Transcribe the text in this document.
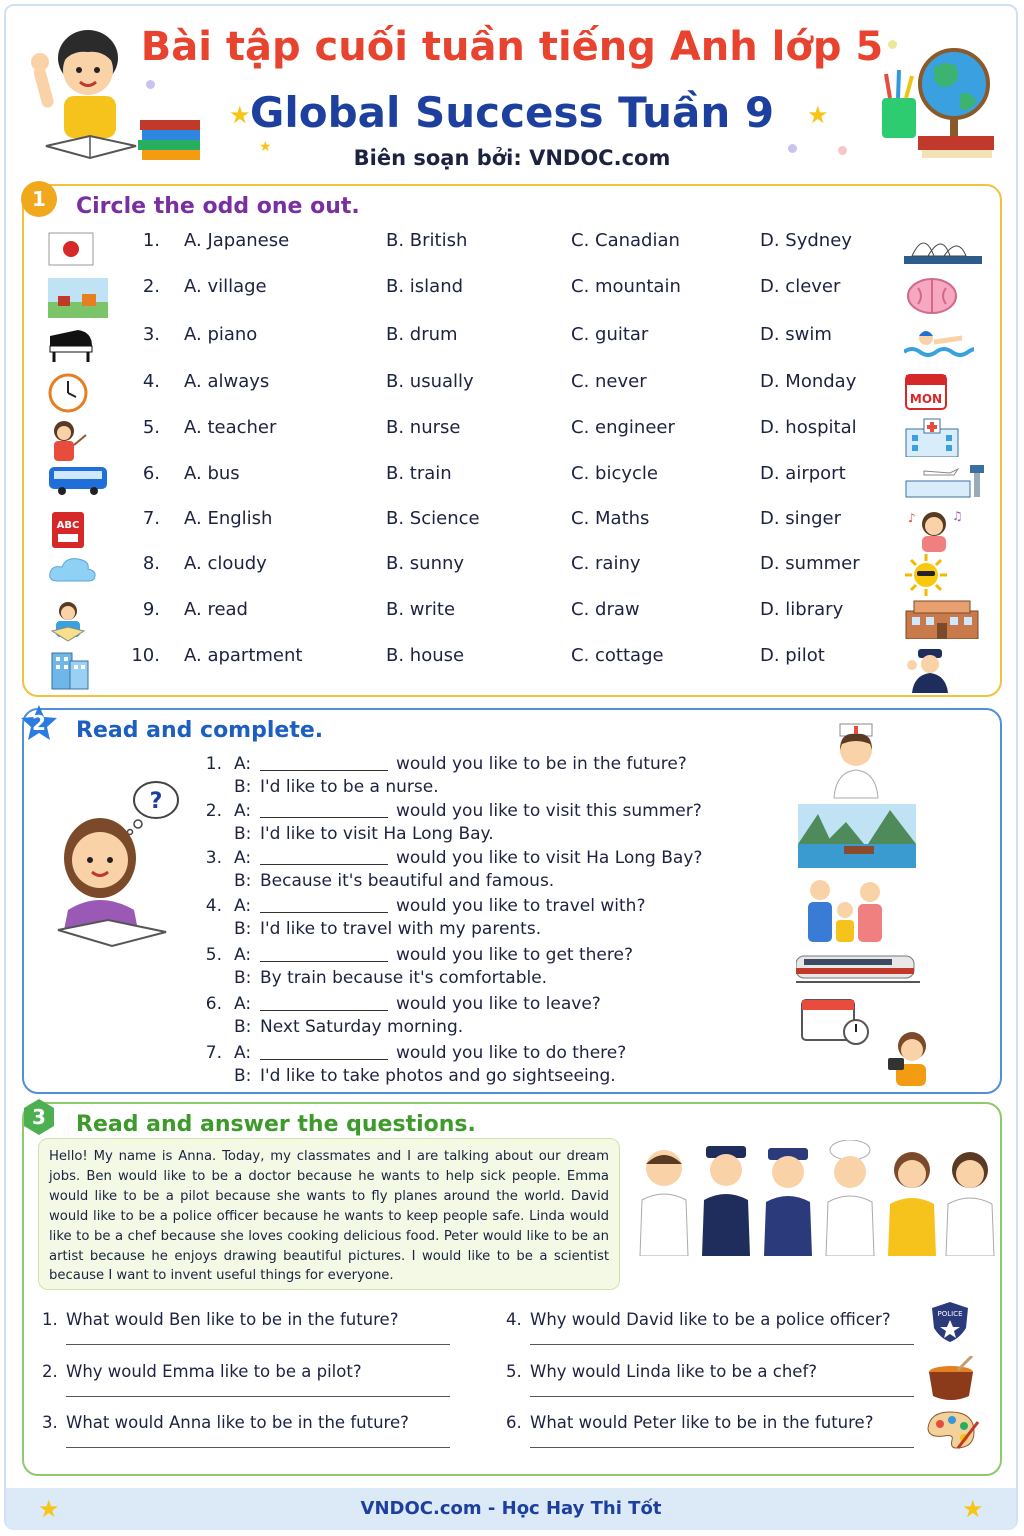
★	★
★
Bài tập cuối tuần tiếng Anh lớp 5
Global Success Tuần 9
Biên soạn bởi: VNDOC.com
1	Circle the odd one out.
1. A. Japanese	B. British	C. Canadian	D. Sydney
2. A. village	B. island	C. mountain	D. clever
3. A. piano	B. drum	C. guitar	D. swim
4. A. always	B. usually	C. never	D. Monday
MON
5. A. teacher	B. nurse	C. engineer	D. hospital
6. A. bus	B. train	C. bicycle	D. airport
ABC	7. A. English	B. Science	C. Maths	D. singer	♪	♫
8. A. cloudy	B. sunny	C. rainy	D. summer
9. A. read	B. write	C. draw	D. library
10. A. apartment	B. house	C. cottage	D. pilot
2	Read and complete.
?
1. A:	would you like to be in the future?
B: I'd like to be a nurse.
2. A:	would you like to visit this summer?
B: I'd like to visit Ha Long Bay.
3. A:	would you like to visit Ha Long Bay?
B: Because it's beautiful and famous.
4. A:	would you like to travel with?
B: I'd like to travel with my parents.
5. A:	would you like to get there?
B: By train because it's comfortable.
6. A:	would you like to leave?
B: Next Saturday morning.
7. A:	would you like to do there?
B: I'd like to take photos and go sightseeing.
3	Read and answer the questions.
Hello! My name is Anna. Today, my classmates and I are talking about our dream jobs. Ben would like to be a doctor because he wants to help sick people. Emma would like to be a pilot because she wants to fly planes around the world. David would like to be a police officer because he wants to keep people safe. Linda would like to be a chef because she loves cooking delicious food. Peter would like to be an artist because he enjoys drawing beautiful pictures. I would like to be a scientist because I want to invent useful things for everyone.
1. What would Ben like to be in the future?
2. Why would Emma like to be a pilot?
3. What would Anna like to be in the future?
4. Why would David like to be a police officer?
5. Why would Linda like to be a chef?
6. What would Peter like to be in the future?
POLICE
VNDOC.com - Học Hay Thi Tốt
★	★
